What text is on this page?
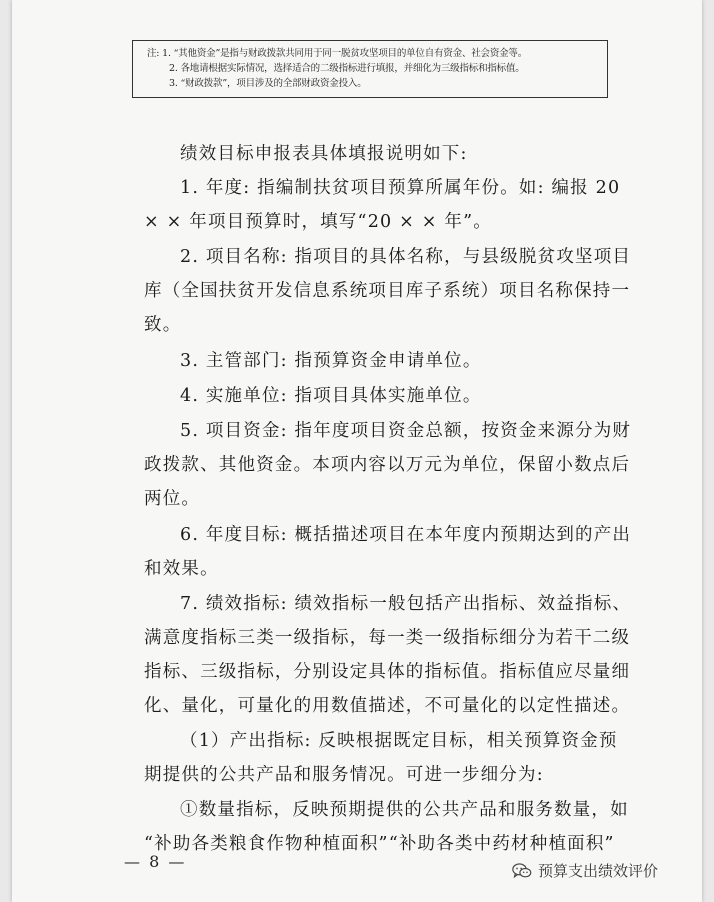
注: 1. “其他资金”是指与财政拨款共同用于同一脱贫攻坚项目的单位自有资金、社会资金等。
2. 各地请根据实际情况，选择适合的二级指标进行填报，并细化为三级指标和指标值。
3. “财政拨款”，项目涉及的全部财政资金投入。
绩效目标申报表具体填报说明如下:
1. 年度: 指编制扶贫项目预算所属年份。如: 编报 20
× × 年项目预算时，填写“20 × × 年”。
2. 项目名称: 指项目的具体名称，与县级脱贫攻坚项目
库（全国扶贫开发信息系统项目库子系统）项目名称保持一
致。
3. 主管部门: 指预算资金申请单位。
4. 实施单位: 指项目具体实施单位。
5. 项目资金: 指年度项目资金总额，按资金来源分为财
政拨款、其他资金。本项内容以万元为单位，保留小数点后
两位。
6. 年度目标: 概括描述项目在本年度内预期达到的产出
和效果。
7. 绩效指标: 绩效指标一般包括产出指标、效益指标、
满意度指标三类一级指标，每一类一级指标细分为若干二级
指标、三级指标，分别设定具体的指标值。指标值应尽量细
化、量化，可量化的用数值描述，不可量化的以定性描述。
（1）产出指标: 反映根据既定目标，相关预算资金预
期提供的公共产品和服务情况。可进一步细分为:
①数量指标，反映预期提供的公共产品和服务数量，如
“补助各类粮食作物种植面积”“补助各类中药材种植面积”
— 8 —	预算支出绩效评价
